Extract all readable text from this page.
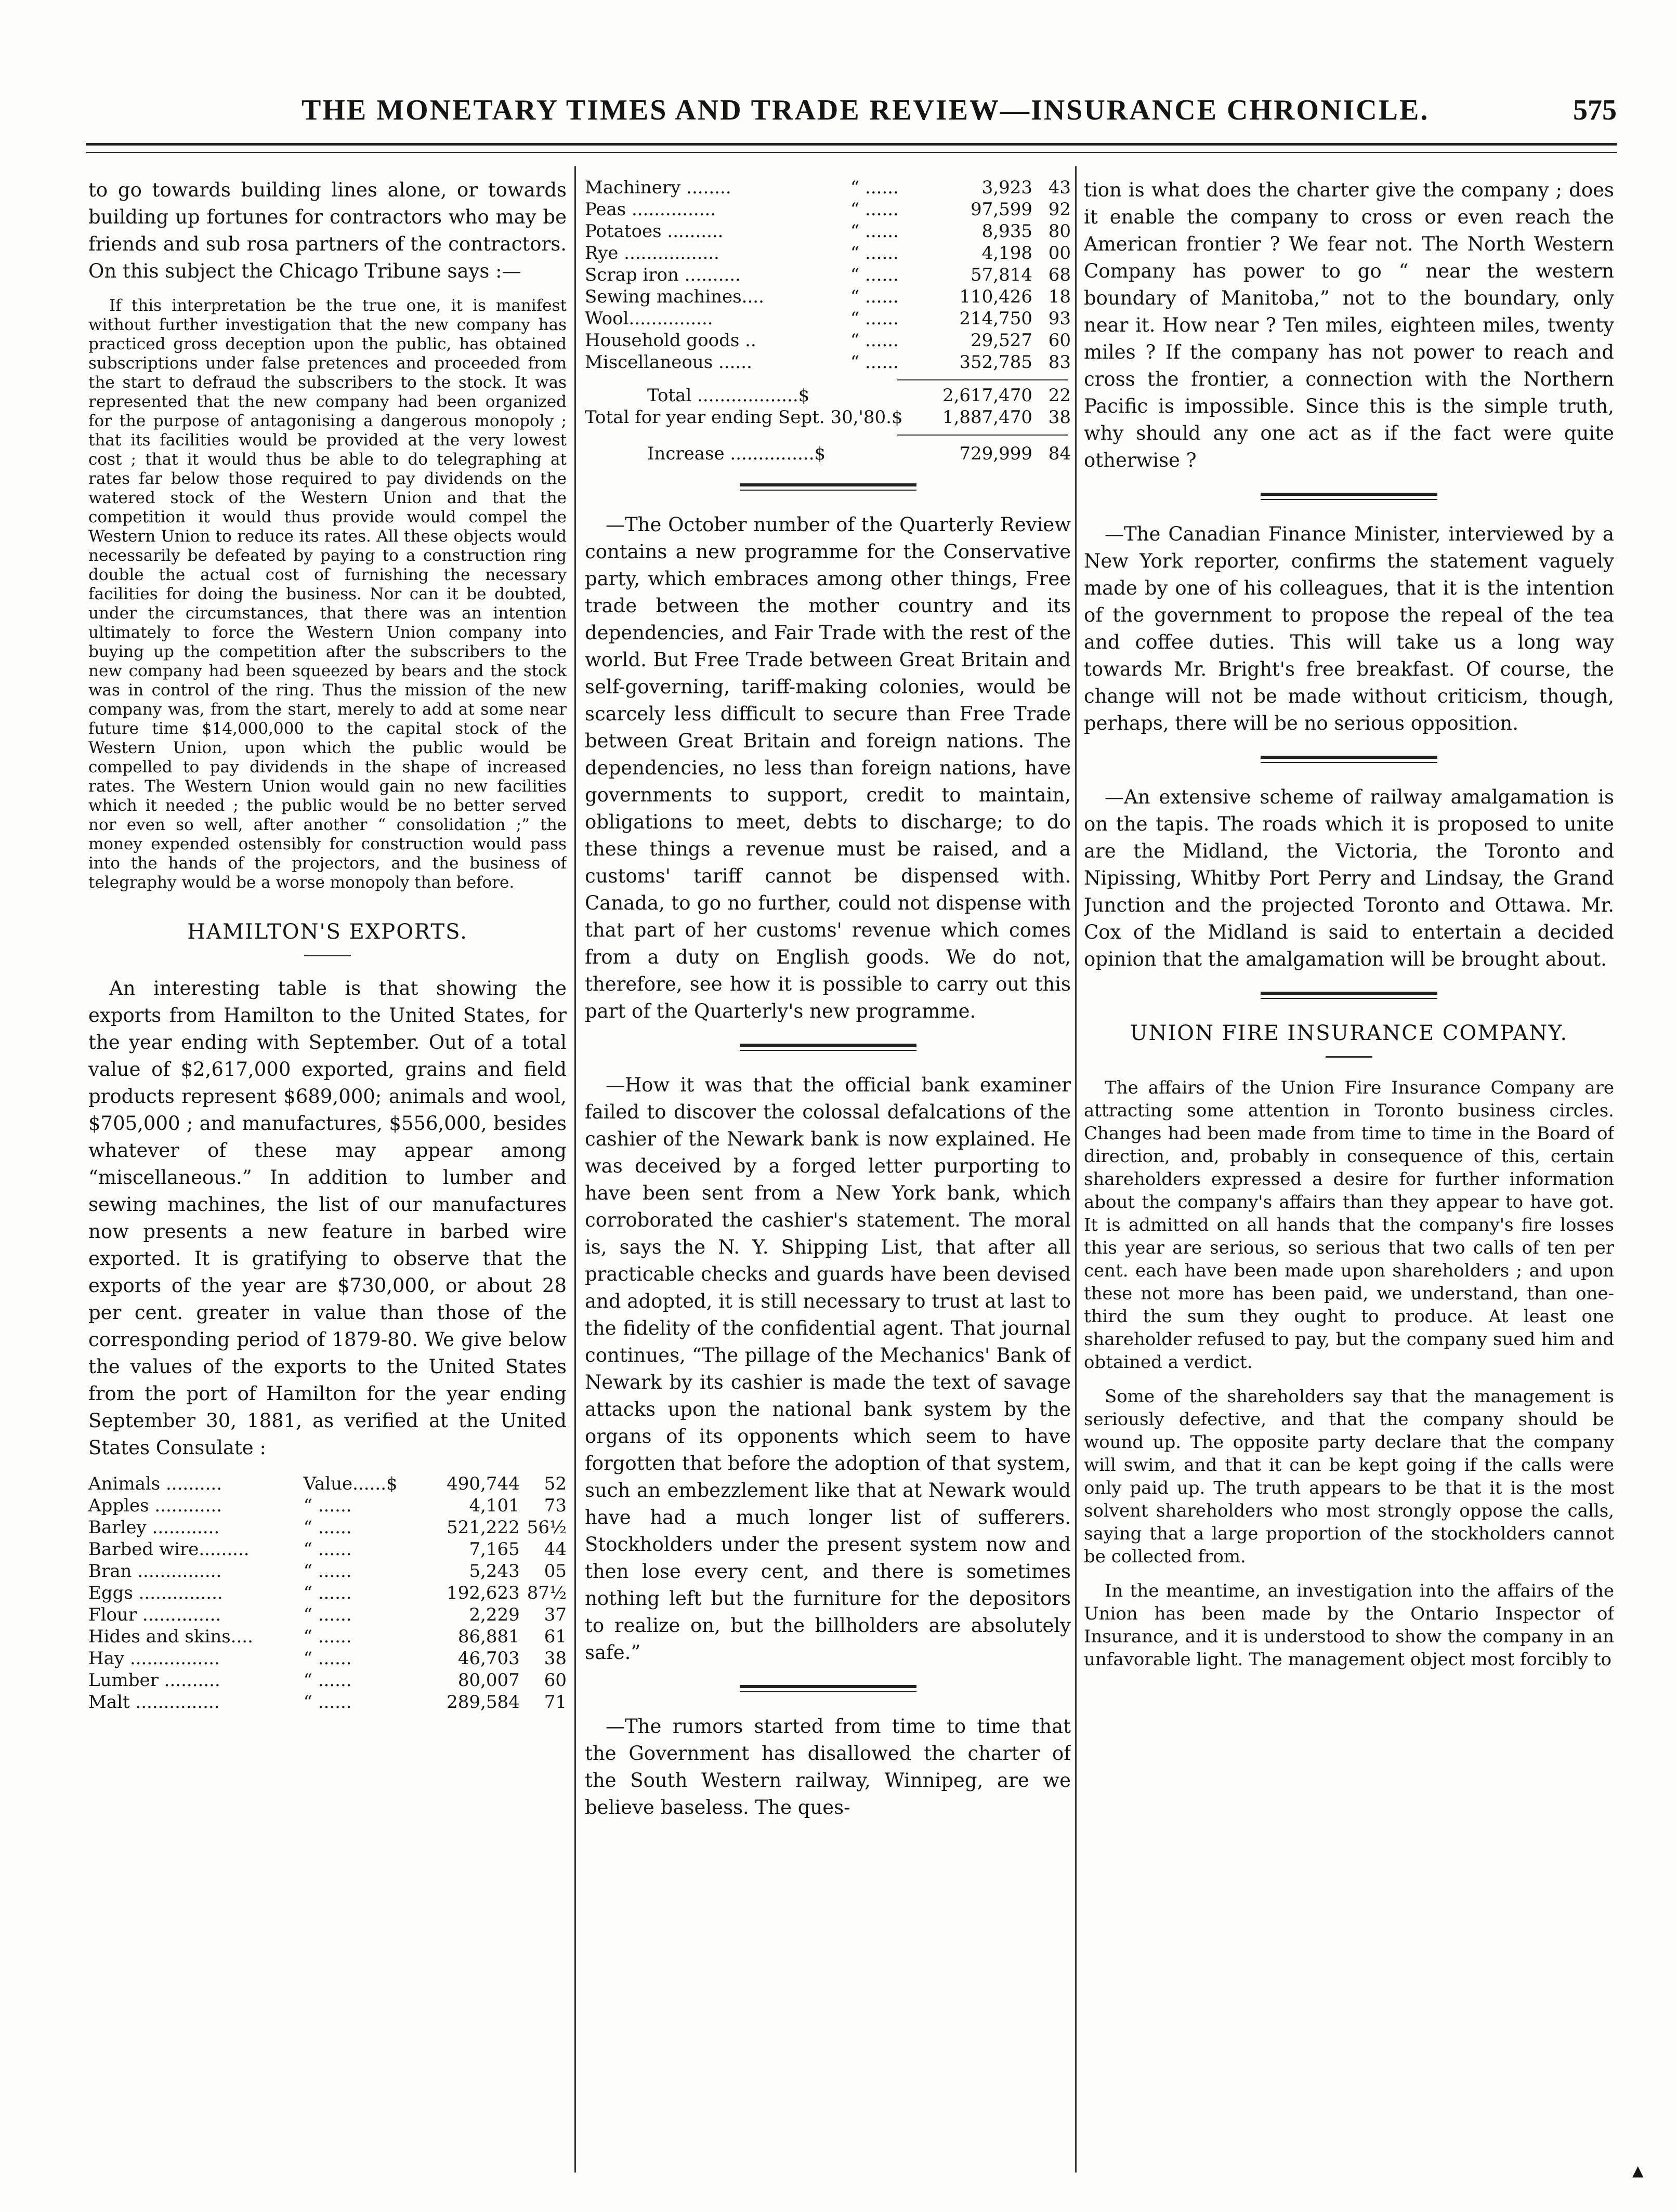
THE MONETARY TIMES AND TRADE REVIEW—INSURANCE CHRONICLE.	575

to go towards building lines alone, or towards building up fortunes for contractors who may be friends and sub rosa partners of the contractors. On this subject the Chicago Tribune says :—

If this interpretation be the true one, it is manifest without further investigation that the new company has practiced gross deception upon the public, has obtained subscriptions under false pretences and proceeded from the start to defraud the subscribers to the stock. It was represented that the new company had been organized for the purpose of antagonising a dangerous monopoly ; that its facilities would be provided at the very lowest cost ; that it would thus be able to do telegraphing at rates far below those required to pay dividends on the watered stock of the Western Union and that the competition it would thus provide would compel the Western Union to reduce its rates. All these objects would necessarily be defeated by paying to a construction ring double the actual cost of furnishing the necessary facilities for doing the business. Nor can it be doubted, under the circumstances, that there was an intention ultimately to force the Western Union company into buying up the competition after the subscribers to the new company had been squeezed by bears and the stock was in control of the ring. Thus the mission of the new company was, from the start, merely to add at some near future time $14,000,000 to the capital stock of the Western Union, upon which the public would be compelled to pay dividends in the shape of increased rates. The Western Union would gain no new facilities which it needed ; the public would be no better served nor even so well, after another “ consolidation ;” the money expended ostensibly for construction would pass into the hands of the projectors, and the business of telegraphy would be a worse monopoly than before.
HAMILTON'S EXPORTS.

An interesting table is that showing the exports from Hamilton to the United States, for the year ending with September. Out of a total value of $2,617,000 exported, grains and field products represent $689,000; animals and wool, $705,000 ; and manufactures, $556,000, besides whatever of these may appear among “miscellaneous.” In addition to lumber and sewing machines, the list of our manufactures now presents a new feature in barbed wire exported. It is gratifying to observe that the exports of the year are $730,000, or about 28 per cent. greater in value than those of the corresponding period of 1879-80. We give below the values of the exports to the United States from the port of Hamilton for the year ending September 30, 1881, as verified at the United States Consulate :

Animals ..........	Value......$	490,744	52
Apples ............	“ ......	4,101	73
Barley ............	“ ......	521,222	56½
Barbed wire.........	“ ......	7,165	44
Bran ...............	“ ......	5,243	05
Eggs ...............	“ ......	192,623	87½
Flour ..............	“ ......	2,229	37
Hides and skins....	“ ......	86,881	61
Hay ................	“ ......	46,703	38
Lumber ..........	“ ......	80,007	60
Malt ...............	“ ......	289,584	71
Machinery ........	“ ......	3,923	43
Peas ...............	“ ......	97,599	92
Potatoes ..........	“ ......	8,935	80
Rye .................	“ ......	4,198	00
Scrap iron ..........	“ ......	57,814	68
Sewing machines....	“ ......	110,426	18
Wool...............	“ ......	214,750	93
Household goods ..	“ ......	29,527	60
Miscellaneous ......	“ ......	352,785	83
Total ..................$	2,617,470	22
Total for year ending Sept. 30,'80.$	1,887,470	38
Increase ...............$	729,999	84

—The October number of the Quarterly Review contains a new programme for the Conservative party, which embraces among other things, Free trade between the mother country and its dependencies, and Fair Trade with the rest of the world. But Free Trade between Great Britain and self-governing, tariff-making colonies, would be scarcely less difficult to secure than Free Trade between Great Britain and foreign nations. The dependencies, no less than foreign nations, have governments to support, credit to maintain, obligations to meet, debts to discharge; to do these things a revenue must be raised, and a customs' tariff cannot be dispensed with. Canada, to go no further, could not dispense with that part of her customs' revenue which comes from a duty on English goods. We do not, therefore, see how it is possible to carry out this part of the Quarterly's new programme.

—How it was that the official bank examiner failed to discover the colossal defalcations of the cashier of the Newark bank is now explained. He was deceived by a forged letter purporting to have been sent from a New York bank, which corroborated the cashier's statement. The moral is, says the N. Y. Shipping List, that after all practicable checks and guards have been devised and adopted, it is still necessary to trust at last to the fidelity of the confidential agent. That journal continues, “The pillage of the Mechanics' Bank of Newark by its cashier is made the text of savage attacks upon the national bank system by the organs of its opponents which seem to have forgotten that before the adoption of that system, such an embezzlement like that at Newark would have had a much longer list of sufferers. Stockholders under the present system now and then lose every cent, and there is sometimes nothing left but the furniture for the depositors to realize on, but the billholders are absolutely safe.”

—The rumors started from time to time that the Government has disallowed the charter of the South Western railway, Winnipeg, are we believe baseless. The ques-

tion is what does the charter give the company ; does it enable the company to cross or even reach the American frontier ? We fear not. The North Western Company has power to go “ near the western boundary of Manitoba,” not to the boundary, only near it. How near ? Ten miles, eighteen miles, twenty miles ? If the company has not power to reach and cross the frontier, a connection with the Northern Pacific is impossible. Since this is the simple truth, why should any one act as if the fact were quite otherwise ?

—The Canadian Finance Minister, interviewed by a New York reporter, confirms the statement vaguely made by one of his colleagues, that it is the intention of the government to propose the repeal of the tea and coffee duties. This will take us a long way towards Mr. Bright's free breakfast. Of course, the change will not be made without criticism, though, perhaps, there will be no serious opposition.

—An extensive scheme of railway amalgamation is on the tapis. The roads which it is proposed to unite are the Midland, the Victoria, the Toronto and Nipissing, Whitby Port Perry and Lindsay, the Grand Junction and the projected Toronto and Ottawa. Mr. Cox of the Midland is said to entertain a decided opinion that the amalgamation will be brought about.

UNION FIRE INSURANCE COMPANY.

The affairs of the Union Fire Insurance Company are attracting some attention in Toronto business circles. Changes had been made from time to time in the Board of direction, and, probably in consequence of this, certain shareholders expressed a desire for further information about the company's affairs than they appear to have got. It is admitted on all hands that the company's fire losses this year are serious, so serious that two calls of ten per cent. each have been made upon shareholders ; and upon these not more has been paid, we understand, than one-third the sum they ought to produce. At least one shareholder refused to pay, but the company sued him and obtained a verdict.

Some of the shareholders say that the management is seriously defective, and that the company should be wound up. The opposite party declare that the company will swim, and that it can be kept going if the calls were only paid up. The truth appears to be that it is the most solvent shareholders who most strongly oppose the calls, saying that a large proportion of the stockholders cannot be collected from.

In the meantime, an investigation into the affairs of the Union has been made by the Ontario Inspector of Insurance, and it is understood to show the company in an unfavorable light. The management object most forcibly to

▲
